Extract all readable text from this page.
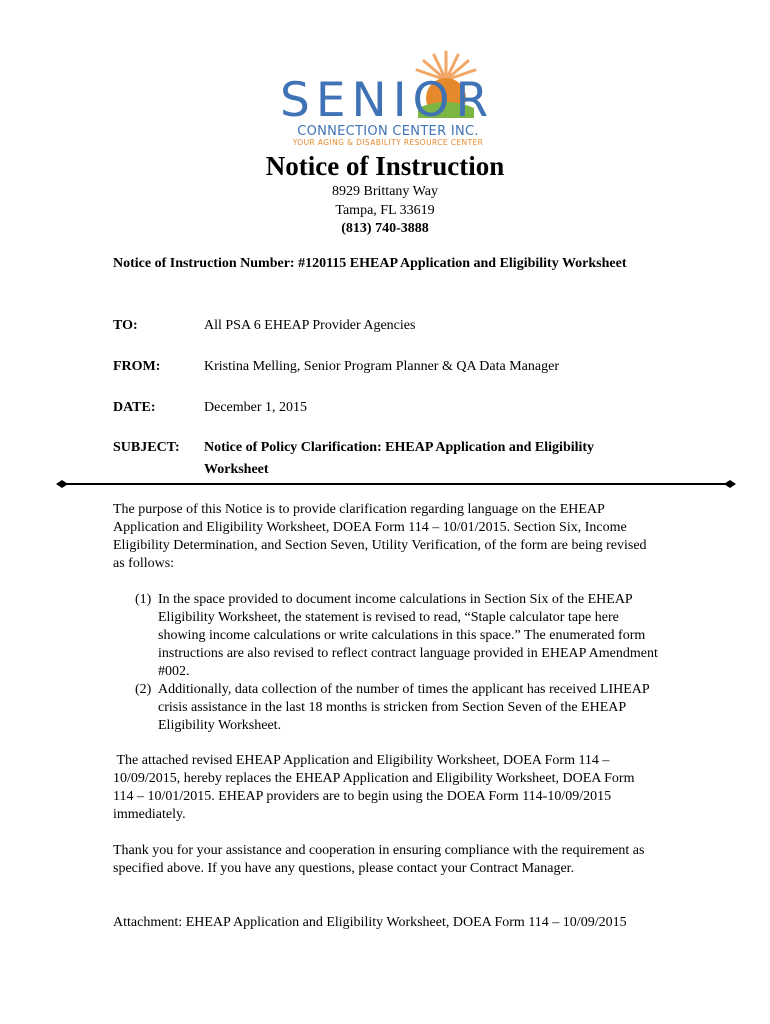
SENIOR
CONNECTION CENTER INC.
YOUR AGING & DISABILITY RESOURCE CENTER
Notice of Instruction
8929 Brittany Way
Tampa, FL 33619
(813) 740-3888
Notice of Instruction Number: #120115 EHEAP Application and Eligibility Worksheet
TO:	All PSA 6 EHEAP Provider Agencies
FROM:	Kristina Melling, Senior Program Planner & QA Data Manager
DATE:	December 1, 2015
SUBJECT: Notice of Policy Clarification: EHEAP Application and Eligibility Worksheet

The purpose of this Notice is to provide clarification regarding language on the EHEAP Application and Eligibility Worksheet, DOEA Form 114 – 10/01/2015. Section Six, Income Eligibility Determination, and Section Seven, Utility Verification, of the form are being revised as follows:

(1) In the space provided to document income calculations in Section Six of the EHEAP Eligibility Worksheet, the statement is revised to read, “Staple calculator tape here showing income calculations or write calculations in this space.” The enumerated form instructions are also revised to reflect contract language provided in EHEAP Amendment #002.

(2) Additionally, data collection of the number of times the applicant has received LIHEAP crisis assistance in the last 18 months is stricken from Section Seven of the EHEAP Eligibility Worksheet.

The attached revised EHEAP Application and Eligibility Worksheet, DOEA Form 114 – 10/09/2015, hereby replaces the EHEAP Application and Eligibility Worksheet, DOEA Form 114 – 10/01/2015. EHEAP providers are to begin using the DOEA Form 114-10/09/2015 immediately.

Thank you for your assistance and cooperation in ensuring compliance with the requirement as specified above. If you have any questions, please contact your Contract Manager.

Attachment: EHEAP Application and Eligibility Worksheet, DOEA Form 114 – 10/09/2015
